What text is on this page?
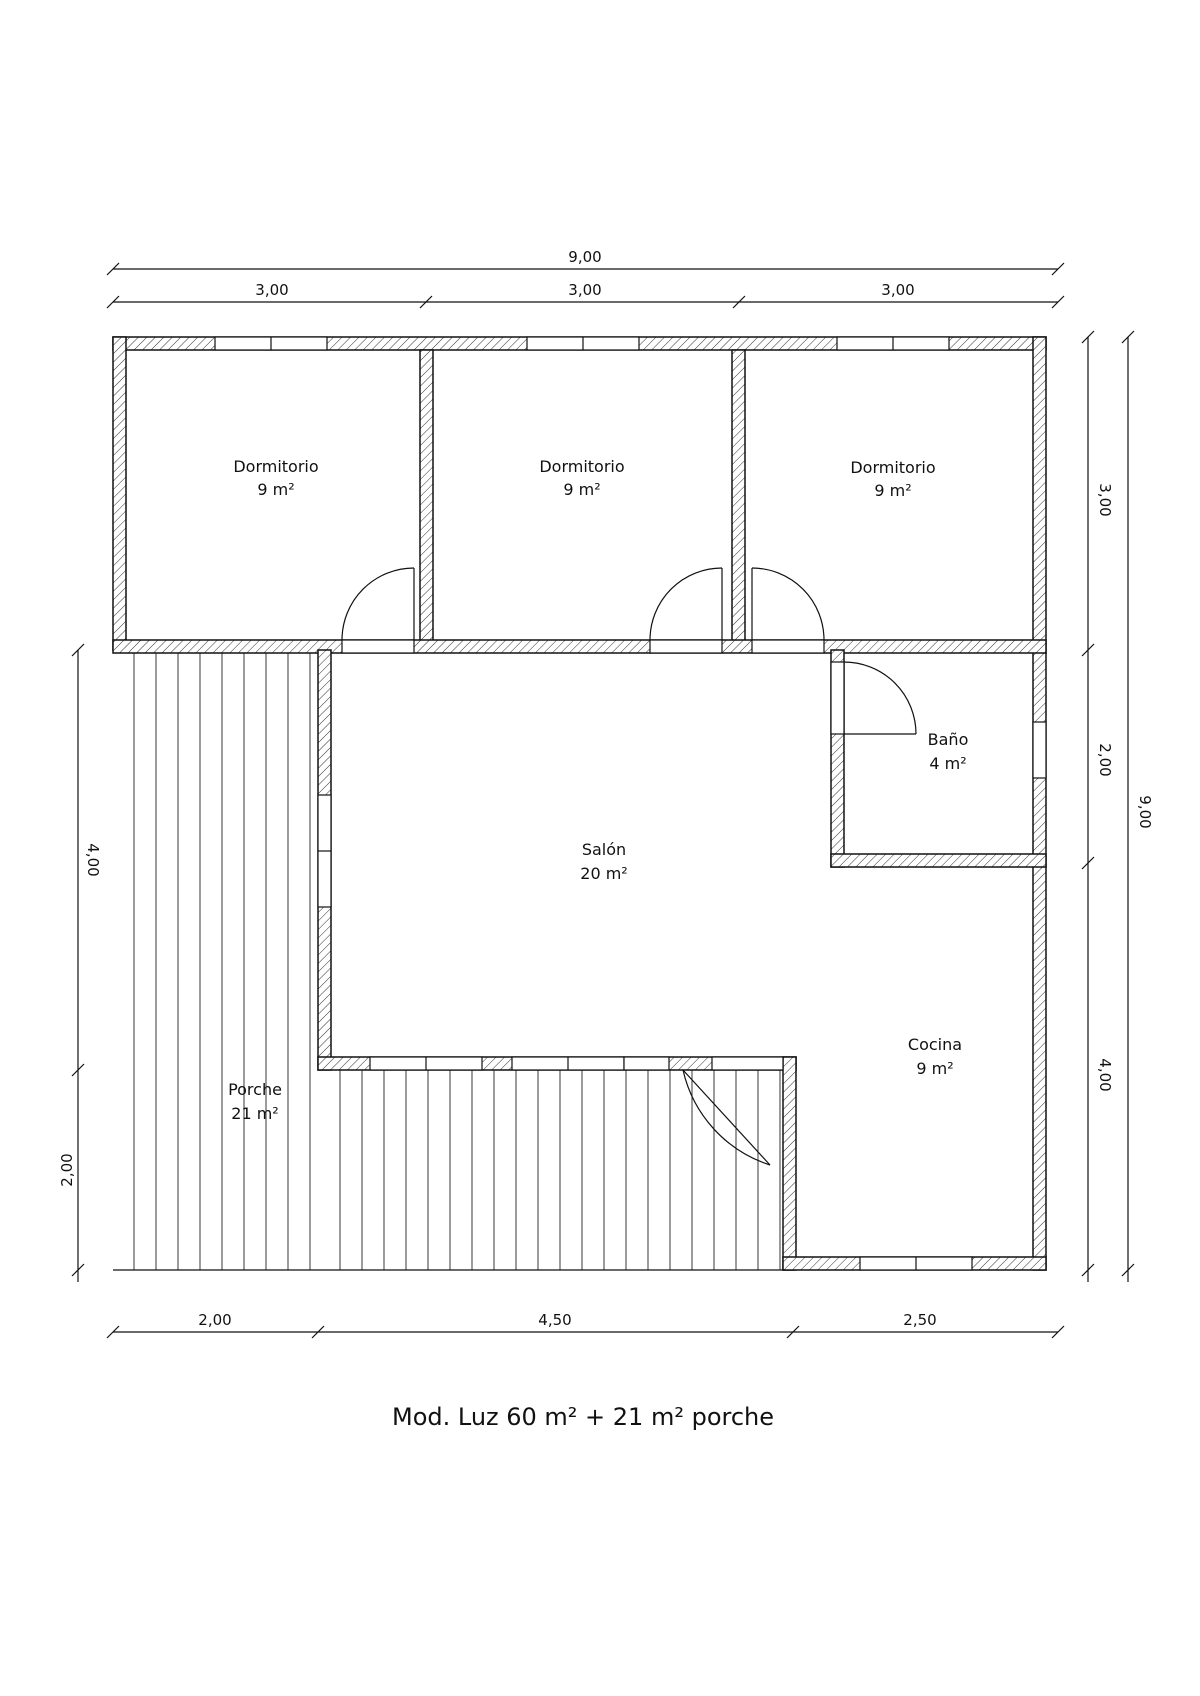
Dormitorio
9 m²
Dormitorio
9 m²
Dormitorio
9 m²
Baño
4 m²
Salón
20 m²
Cocina
9 m²
Porche
21 m²
9,00
3,00	3,00	3,00
2,00	4,50	2,50
3,00
2,00
4,00
9,00
4,00
2,00
Mod. Luz 60 m² + 21 m² porche
